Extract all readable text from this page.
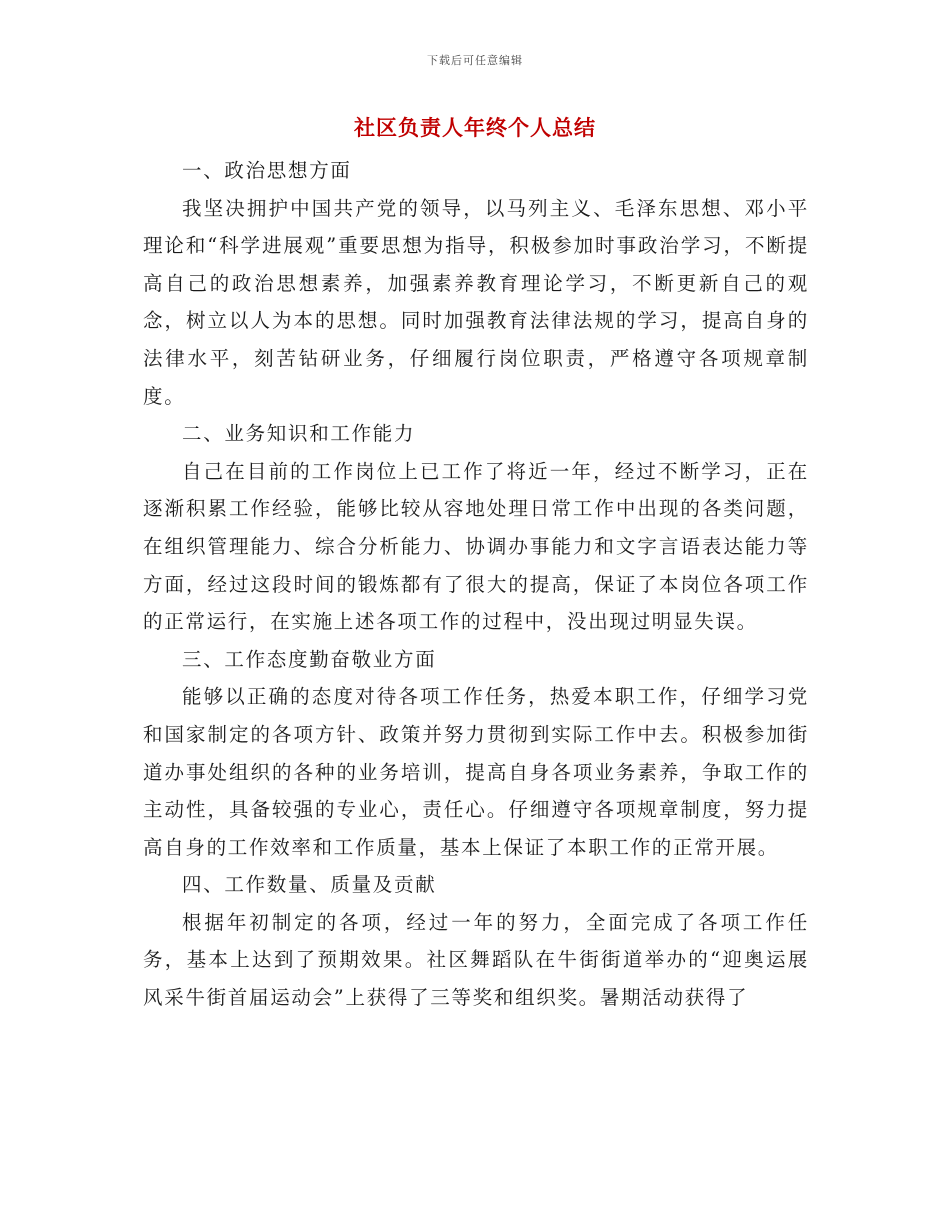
下载后可任意编辑
社区负责人年终个人总结

一、政治思想方面

我坚决拥护中国共产党的领导，以马列主义、毛泽东思想、邓小平理论和“科学进展观”重要思想为指导，积极参加时事政治学习，不断提高自己的政治思想素养，加强素养教育理论学习，不断更新自己的观念，树立以人为本的思想。同时加强教育法律法规的学习，提高自身的法律水平，刻苦钻研业务，仔细履行岗位职责，严格遵守各项规章制度。

二、业务知识和工作能力

自己在目前的工作岗位上已工作了将近一年，经过不断学习，正在逐渐积累工作经验，能够比较从容地处理日常工作中出现的各类问题，在组织管理能力、综合分析能力、协调办事能力和文字言语表达能力等方面，经过这段时间的锻炼都有了很大的提高，保证了本岗位各项工作的正常运行，在实施上述各项工作的过程中，没出现过明显失误。

三、工作态度勤奋敬业方面

能够以正确的态度对待各项工作任务，热爱本职工作，仔细学习党和国家制定的各项方针、政策并努力贯彻到实际工作中去。积极参加街道办事处组织的各种的业务培训，提高自身各项业务素养，争取工作的主动性，具备较强的专业心，责任心。仔细遵守各项规章制度，努力提高自身的工作效率和工作质量，基本上保证了本职工作的正常开展。

四、工作数量、质量及贡献

根据年初制定的各项，经过一年的努力，全面完成了各项工作任务，基本上达到了预期效果。社区舞蹈队在牛街街道举办的“迎奥运展风采牛街首届运动会”上获得了三等奖和组织奖。暑期活动获得了
